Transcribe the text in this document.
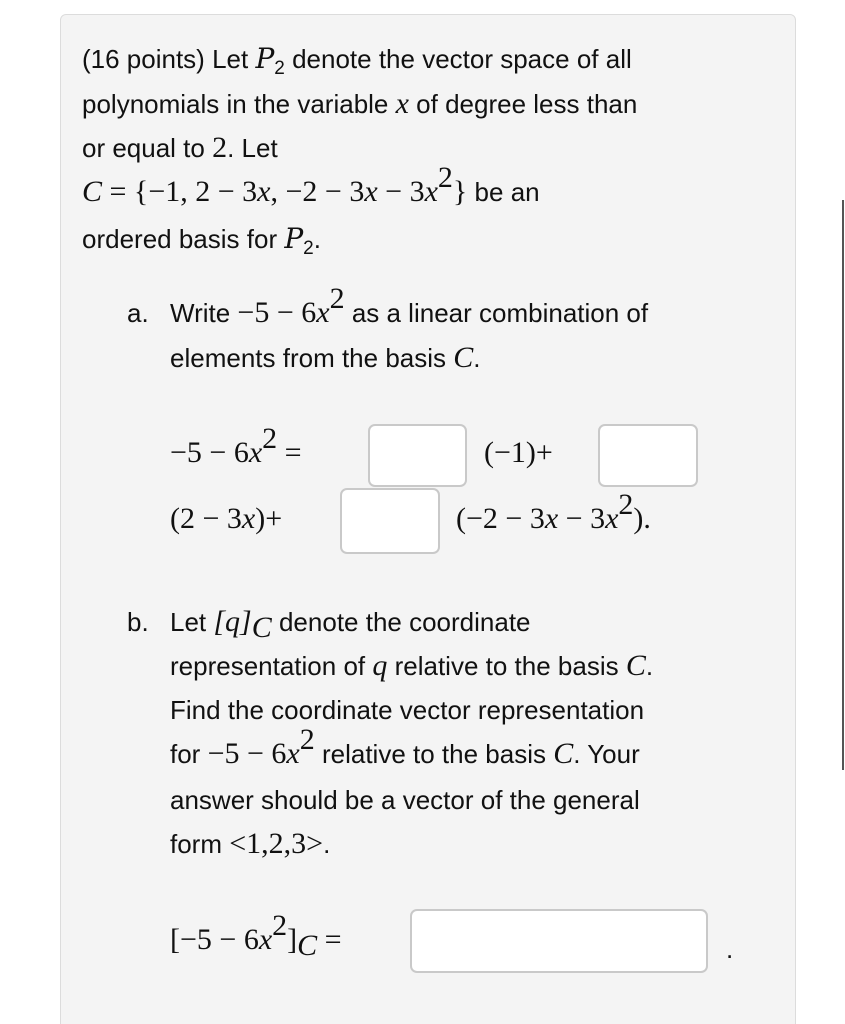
(16 points) Let $P_2$ denote the vector space of all
polynomials in the variable x of degree less than
or equal to 2. Let
C = {−1, 2 − 3x, $-2 - 3x - 3x^2$} be an
ordered basis for $P_2$.
a. Write $-5 - 6x^2$ as a linear combination of
elements from the basis C.
$-5 - 6x^2$ =	(−1)+
(2 − 3x)+	$(-2 - 3x - 3x^2)$.
b. Let $[q]_C$ denote the coordinate
representation of q relative to the basis C.
Find the coordinate vector representation
for $-5 - 6x^2$ relative to the basis C. Your
answer should be a vector of the general
form <1,2,3>.
$[-5 - 6x^2]_C$ =	.
